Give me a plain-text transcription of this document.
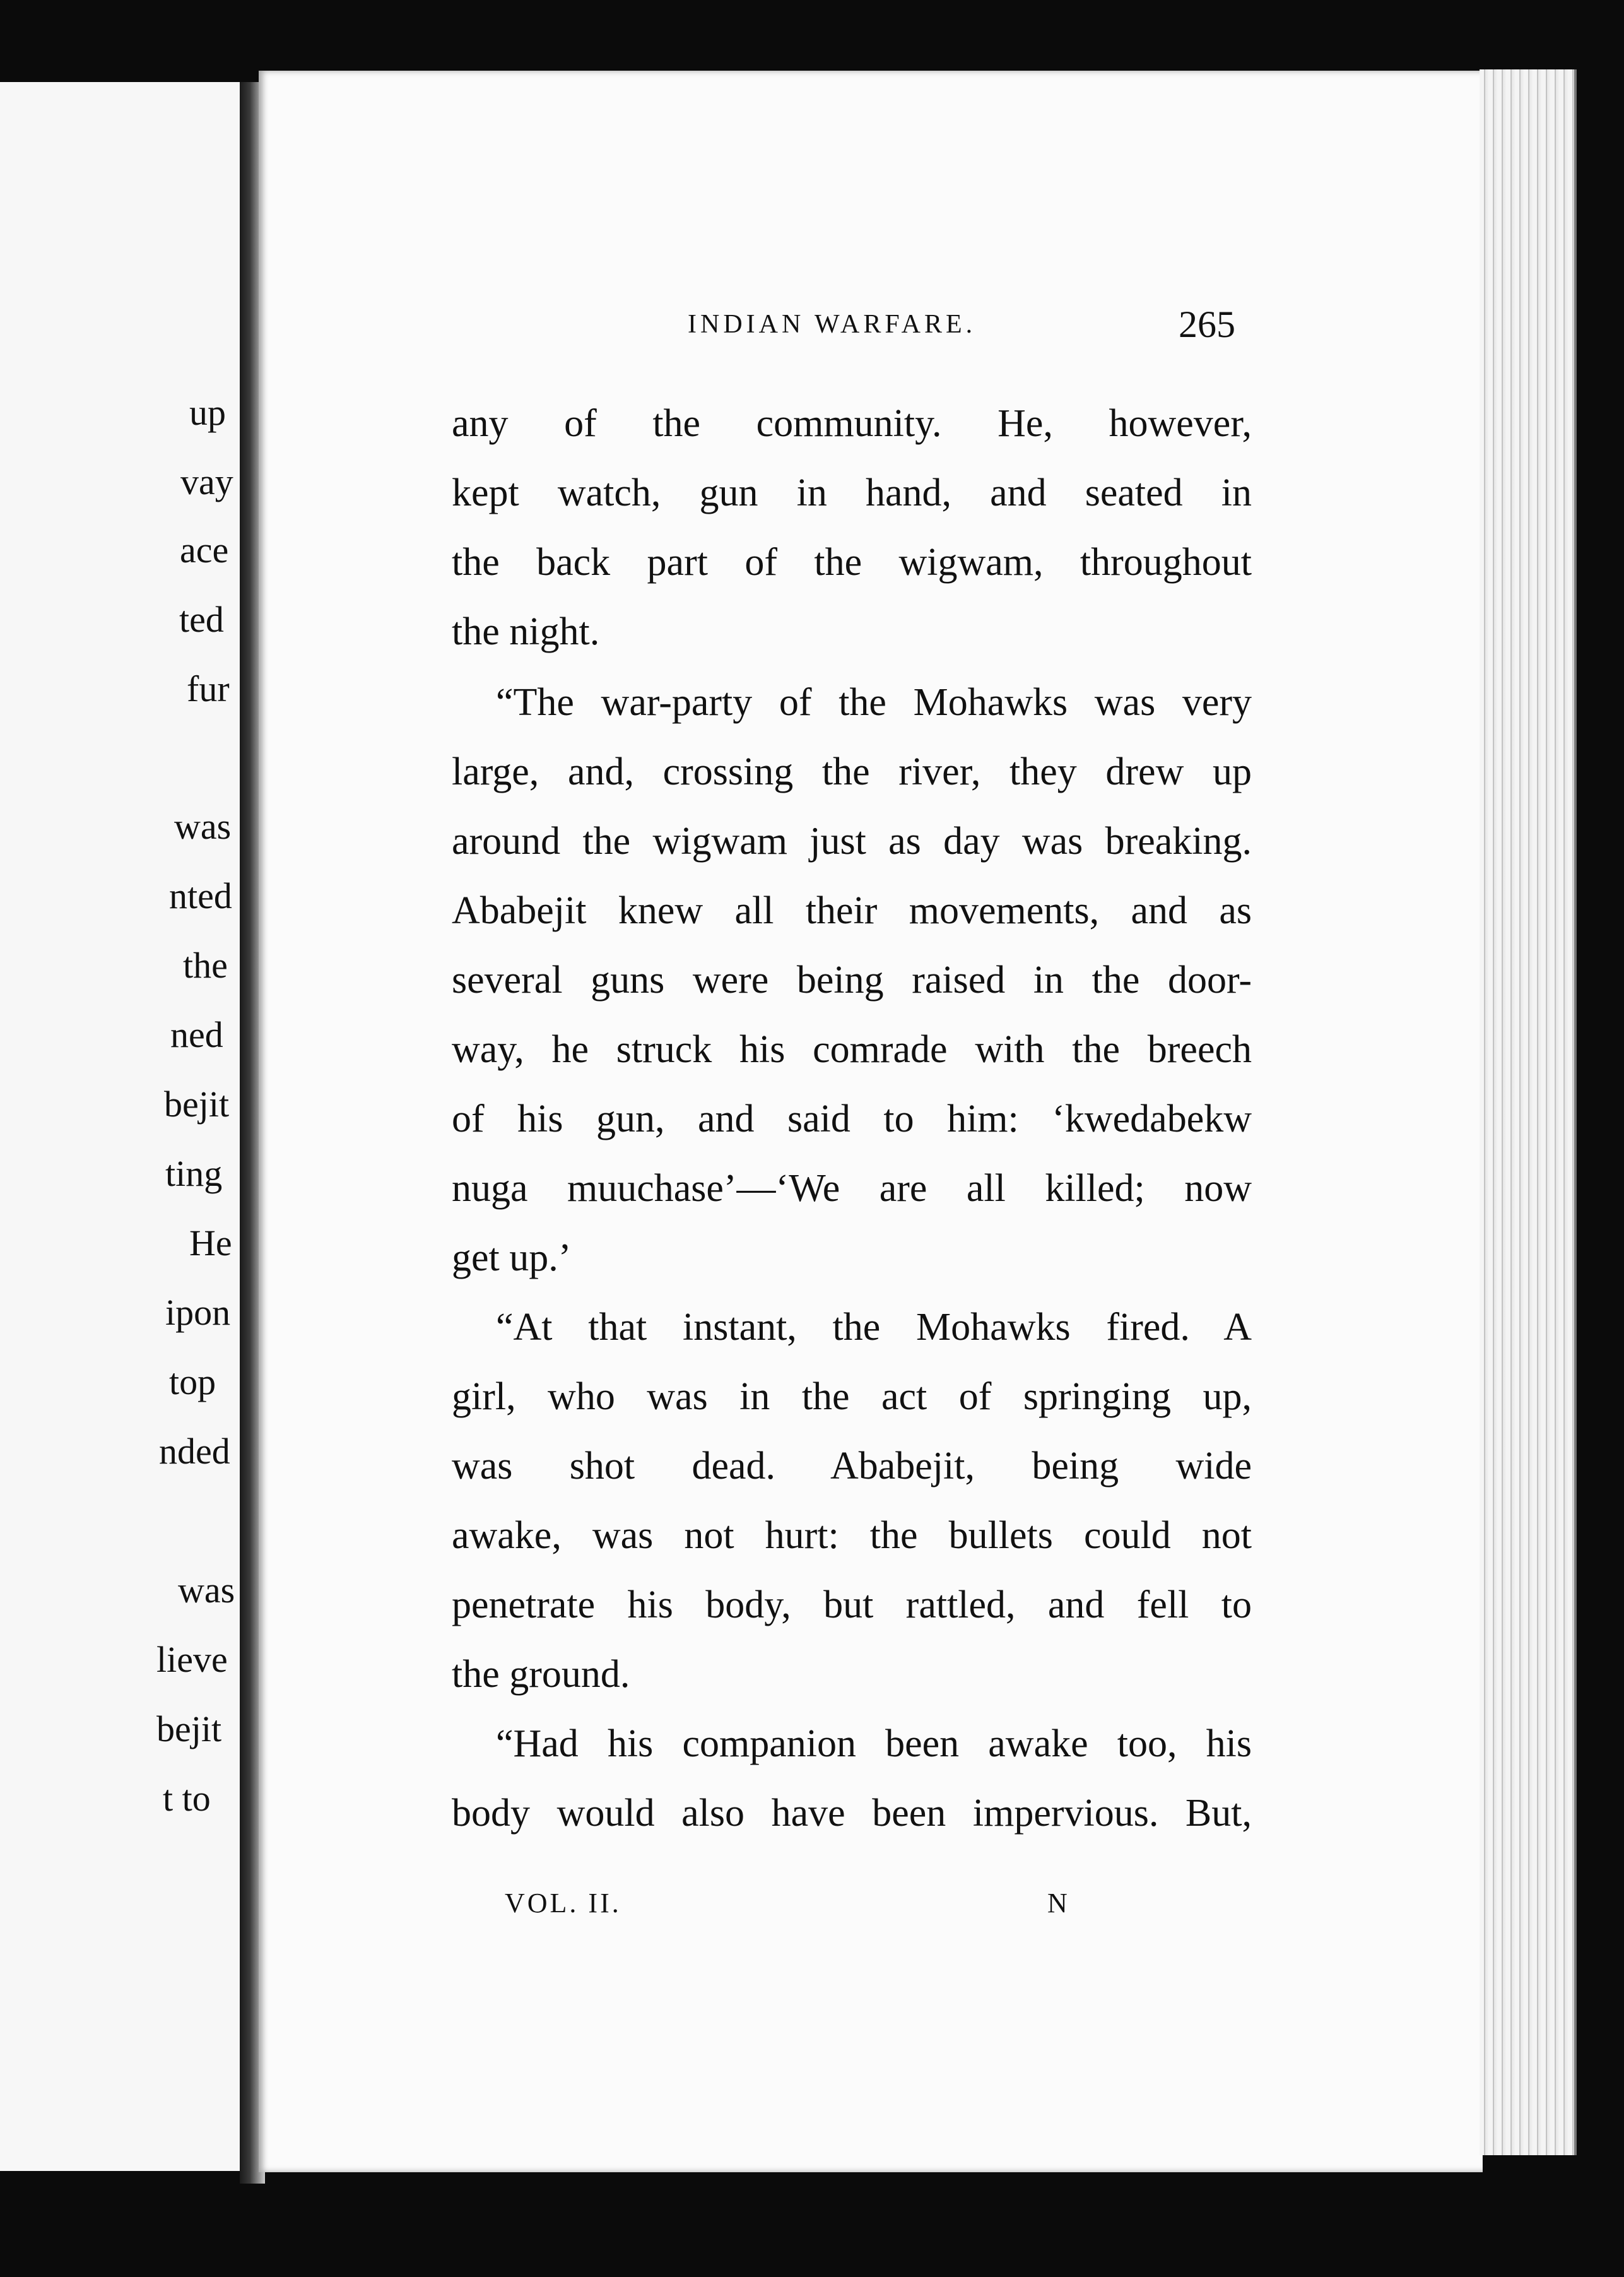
up
vay
ace
ted
fur
was
nted
the
ned
bejit
ting
He
ipon
top
nded
was
lieve
bejit
t to
INDIAN WARFARE.	265
any of the community. He, however,
kept watch, gun in hand, and seated in
the back part of the wigwam, throughout
the night.
“The war-party of the Mohawks was very
large, and, crossing the river, they drew up
around the wigwam just as day was breaking.
Ababejit knew all their movements, and as
several guns were being raised in the door-
way, he struck his comrade with the breech
of his gun, and said to him: ‘kwedabekw
nuga muuchase’—‘We are all killed; now
get up.’
“At that instant, the Mohawks fired. A
girl, who was in the act of springing up,
was shot dead. Ababejit, being wide
awake, was not hurt: the bullets could not
penetrate his body, but rattled, and fell to
the ground.
“Had his companion been awake too, his
body would also have been impervious. But,
VOL. II.	N
